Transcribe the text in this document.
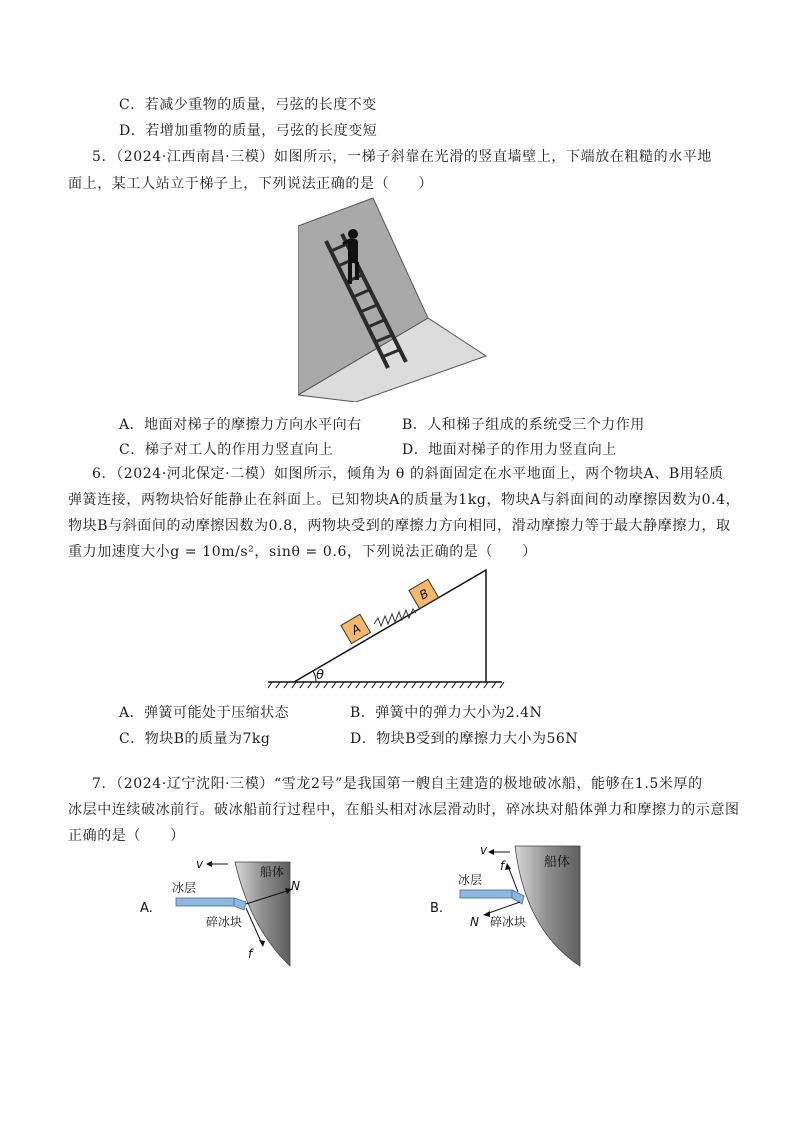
C．若减少重物的质量，弓弦的长度不变
D．若增加重物的质量，弓弦的长度变短
5．（2024·江西南昌·三模）如图所示，一梯子斜靠在光滑的竖直墙壁上，下端放在粗糙的水平地
面上，某工人站立于梯子上，下列说法正确的是（　　）
A．地面对梯子的摩擦力方向水平向右	B．人和梯子组成的系统受三个力作用
C．梯子对工人的作用力竖直向上	D．地面对梯子的作用力竖直向上
6．（2024·河北保定·二模）如图所示，倾角为 θ 的斜面固定在水平地面上，两个物块A、B用轻质
弹簧连接，两物块恰好能静止在斜面上。已知物块A的质量为1kg，物块A与斜面间的动摩擦因数为0.4，
物块B与斜面间的动摩擦因数为0.8，两物块受到的摩擦力方向相同，滑动摩擦力等于最大静摩擦力，取
重力加速度大小g = 10m/s²，sinθ = 0.6，下列说法正确的是（　　）
θ
A
B
A．弹簧可能处于压缩状态	B．弹簧中的弹力大小为2.4N
C．物块B的质量为7kg	D．物块B受到的摩擦力大小为56N
7．（2024·辽宁沈阳·三模）“雪龙2号”是我国第一艘自主建造的极地破冰船，能够在1.5米厚的
冰层中连续破冰前行。破冰船前行过程中，在船头相对冰层滑动时，碎冰块对船体弹力和摩擦力的示意图
正确的是（　　）
A.
v
船体
冰层	N
碎冰块
f
B.
v
船体
冰层
f
N 碎冰块
